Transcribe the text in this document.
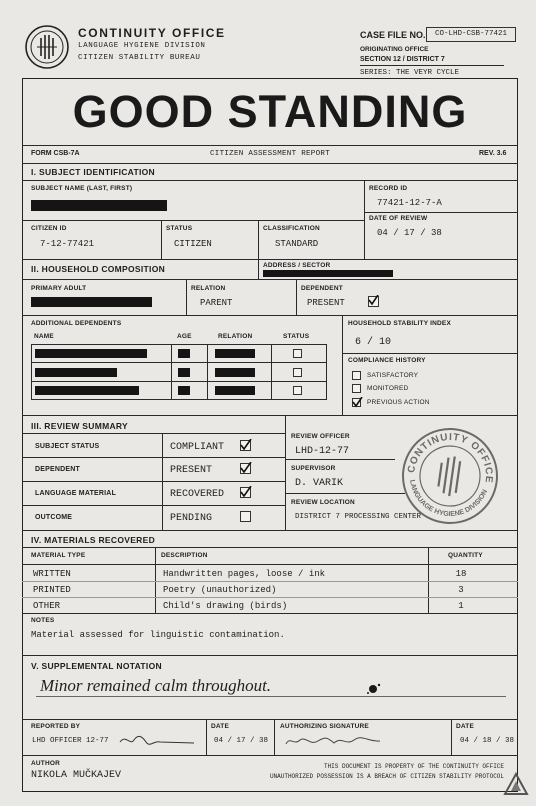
CONTINUITY OFFICE
LANGUAGE HYGIENE DIVISION
CITIZEN STABILITY BUREAU
CASE FILE NO.	CO-LHD-CSB-77421
ORIGINATING OFFICE
SECTION 12 / DISTRICT 7
SERIES: THE VEYR CYCLE
GOOD STANDING
FORM CSB-7A	CITIZEN ASSESSMENT REPORT	REV. 3.6
I. SUBJECT IDENTIFICATION
SUBJECT NAME (LAST, FIRST)	RECORD ID
77421-12-7-A
DATE OF REVIEW
04 / 17 / 38
CITIZEN ID
7-12-77421
STATUS
CITIZEN
CLASSIFICATION
STANDARD
II. HOUSEHOLD COMPOSITION	ADDRESS / SECTOR
PRIMARY ADULT	RELATION
PARENT
DEPENDENT
PRESENT
ADDITIONAL DEPENDENTS
NAME	AGE	RELATION	STATUS
HOUSEHOLD STABILITY INDEX
6 / 10
COMPLIANCE HISTORY
SATISFACTORY
MONITORED
PREVIOUS ACTION
III. REVIEW SUMMARY
SUBJECT STATUS	COMPLIANT
DEPENDENT	PRESENT
LANGUAGE MATERIAL	RECOVERED
OUTCOME	PENDING
REVIEW OFFICER
LHD-12-77
SUPERVISOR
D. VARIK
REVIEW LOCATION
DISTRICT 7 PROCESSING CENTER
CONTINUITY OFFICE
LANGUAGE HYGIENE DIVISION
IV. MATERIALS RECOVERED
MATERIAL TYPE	DESCRIPTION	QUANTITY
WRITTEN	Handwritten pages, loose / ink	18
PRINTED	Poetry (unauthorized)	3
OTHER	Child's drawing (birds)	1
NOTES
Material assessed for linguistic contamination.
V. SUPPLEMENTAL NOTATION
Minor remained calm throughout.
REPORTED BY
LHD OFFICER 12-77
DATE
04 / 17 / 38
AUTHORIZING SIGNATURE	DATE
04 / 18 / 38
AUTHOR
NIKOLA MUČKAJEV
THIS DOCUMENT IS PROPERTY OF THE CONTINUITY OFFICE
UNAUTHORIZED POSSESSION IS A BREACH OF CITIZEN STABILITY PROTOCOL
